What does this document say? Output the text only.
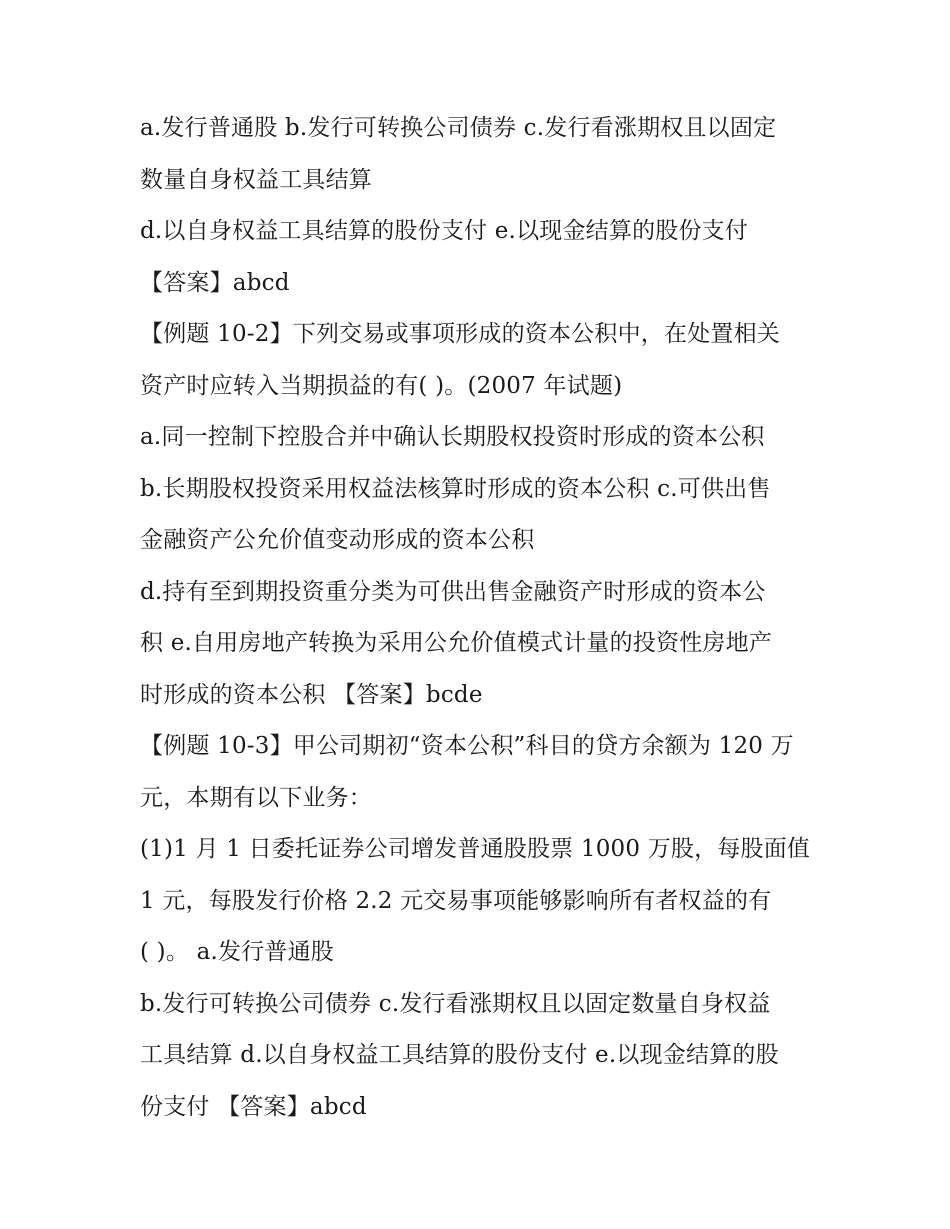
a.发行普通股 b.发行可转换公司债券 c.发行看涨期权且以固定
数量自身权益工具结算
d.以自身权益工具结算的股份支付 e.以现金结算的股份支付
【答案】abcd
【例题 10-2】下列交易或事项形成的资本公积中，在处置相关
资产时应转入当期损益的有( )。(2007 年试题)
a.同一控制下控股合并中确认长期股权投资时形成的资本公积
b.长期股权投资采用权益法核算时形成的资本公积 c.可供出售
金融资产公允价值变动形成的资本公积
d.持有至到期投资重分类为可供出售金融资产时形成的资本公
积 e.自用房地产转换为采用公允价值模式计量的投资性房地产
时形成的资本公积 【答案】bcde
【例题 10-3】甲公司期初“资本公积”科目的贷方余额为 120 万
元，本期有以下业务：
(1)1 月 1 日委托证券公司增发普通股股票 1000 万股，每股面值
1 元，每股发行价格 2.2 元交易事项能够影响所有者权益的有
( )。 a.发行普通股
b.发行可转换公司债券 c.发行看涨期权且以固定数量自身权益
工具结算 d.以自身权益工具结算的股份支付 e.以现金结算的股
份支付 【答案】abcd
